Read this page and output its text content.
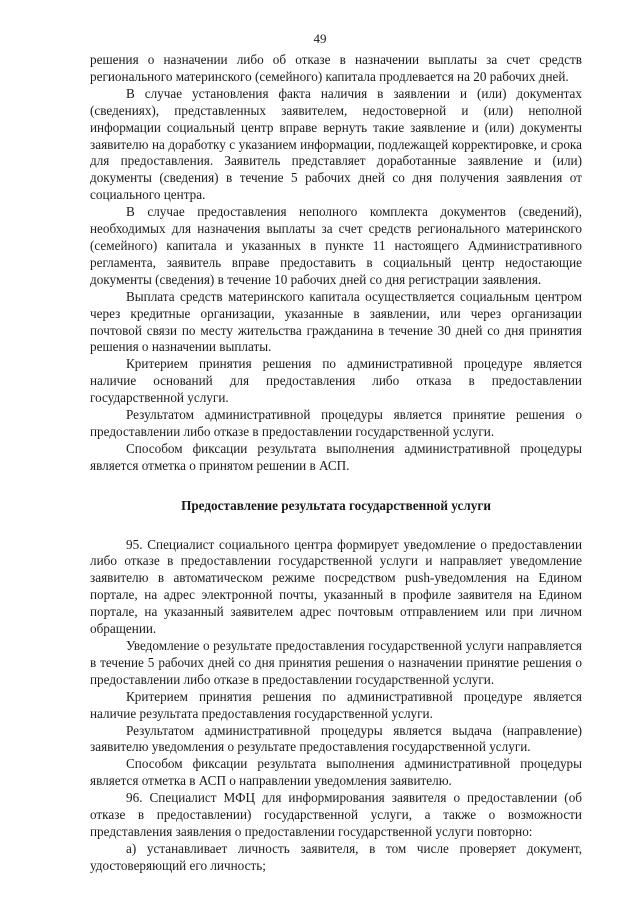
49

решения о назначении либо об отказе в назначении выплаты за счет средств регионального материнского (семейного) капитала продлевается на 20 рабочих дней.

В случае установления факта наличия в заявлении и (или) документах (сведениях), представленных заявителем, недостоверной и (или) неполной информации социальный центр вправе вернуть такие заявление и (или) документы заявителю на доработку с указанием информации, подлежащей корректировке, и срока для предоставления. Заявитель представляет доработанные заявление и (или) документы (сведения) в течение 5 рабочих дней со дня получения заявления от социального центра.

В случае предоставления неполного комплекта документов (сведений), необходимых для назначения выплаты за счет средств регионального материнского (семейного) капитала и указанных в пункте 11 настоящего Административного регламента, заявитель вправе предоставить в социальный центр недостающие документы (сведения) в течение 10 рабочих дней со дня регистрации заявления.

Выплата средств материнского капитала осуществляется социальным центром через кредитные организации, указанные в заявлении, или через организации почтовой связи по месту жительства гражданина в течение 30 дней со дня принятия решения о назначении выплаты.

Критерием принятия решения по административной процедуре является наличие оснований для предоставления либо отказа в предоставлении государственной услуги.

Результатом административной процедуры является принятие решения о предоставлении либо отказе в предоставлении государственной услуги.

Способом фиксации результата выполнения административной процедуры является отметка о принятом решении в АСП.

Предоставление результата государственной услуги

95. Специалист социального центра формирует уведомление о предоставлении либо отказе в предоставлении государственной услуги и направляет уведомление заявителю в автоматическом режиме посредством push-уведомления на Едином портале, на адрес электронной почты, указанный в профиле заявителя на Едином портале, на указанный заявителем адрес почтовым отправлением или при личном обращении.

Уведомление о результате предоставления государственной услуги направляется в течение 5 рабочих дней со дня принятия решения о назначении принятие решения о предоставлении либо отказе в предоставлении государственной услуги.

Критерием принятия решения по административной процедуре является наличие результата предоставления государственной услуги.

Результатом административной процедуры является выдача (направление) заявителю уведомления о результате предоставления государственной услуги.

Способом фиксации результата выполнения административной процедуры является отметка в АСП о направлении уведомления заявителю.

96. Специалист МФЦ для информирования заявителя о предоставлении (об отказе в предоставлении) государственной услуги, а также о возможности представления заявления о предоставлении государственной услуги повторно:

а) устанавливает личность заявителя, в том числе проверяет документ, удостоверяющий его личность;
